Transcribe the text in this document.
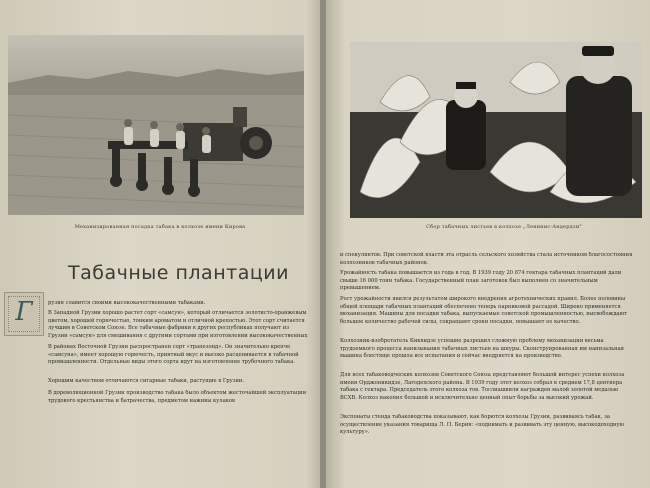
Механизированная посадка табака в колхозе имени Кирова
Табачные плантации
Г	рузия славится своими высококачественными табаками.
В Западной Грузии хорошо растет сорт «самсун», который отличается золотисто-оранжевым цветом, хорошей горючестью, тонким ароматом и отличной крепостью. Этот сорт считается лучшим в Советском Союзе. Все табачные фабрики в других республиках получают из Грузии «самсун» для смешивания с другими сортами при изготовлении высококачественных
В районах Восточной Грузии распространен сорт «трапезонд». Он значительно крепче «самсуна», имеет хорошую горючесть, приятный вкус и высоко расценивается в табачной промышленности. Отдельные виды этого сорта идут на изготовление трубочного табака.
Хорошим качеством отличаются сигарные табаки, растущие в Грузии.
В дореволюционной Грузии производство табака было объектом жесточайшей эксплуатации трудового крестьянства и батрачества, предметом наживы кулаков
Сбор табачных листьев в колхозе „Ленинис-Андердзи"
и спекулянтов. При советской власти эта отрасль сельского хозяйства стала источником благосостояния колхозников табачных районов.
Урожайность табака повышается из года в год. В 1939 году 20 874 гектара табачных плантаций дали свыше 16 000 тонн табака. Государственный план заготовок был выполнен со значительным превышением.
Рост урожайности явился результатом широкого внедрения агротехнических правил. Более половины общей площади табачных плантаций обеспечено теперь парниковой рассадой. Широко применяется механизация. Машины для посадки табака, выпускаемые советской промышленностью, высвобождают большое количество рабочей силы, сокращают сроки посадки, повышают ее качество.
Колхозник-изобретатель Киквидзе успешно разрешил сложную проблему механизации весьма трудоемкого процесса нанизывания табачных листьев на шнуры. Сконструированная им нанизальная машина блестяще прошла все испытания и сейчас внедряется на производство.
Для всех табаководческих колхозов Советского Союза представляют большой интерес успехи колхоза имени Орджоникидзе, Лагодехского района. В 1939 году этот колхоз собрал в среднем 17,8 центнера табака с гектара. Председатель этого колхоза тов. Тослиашвили награжден малой золотой медалью ВСХВ. Колхоз накопил большой и исключительно ценный опыт борьбы за высокий урожай.
Экспонаты стенда табаководства показывают, как борются колхозы Грузии, развиваясь табак, за осуществление указания товарища Л. П. Берия: «поднимать и развивать эту ценную, высокодоходную культуру».
